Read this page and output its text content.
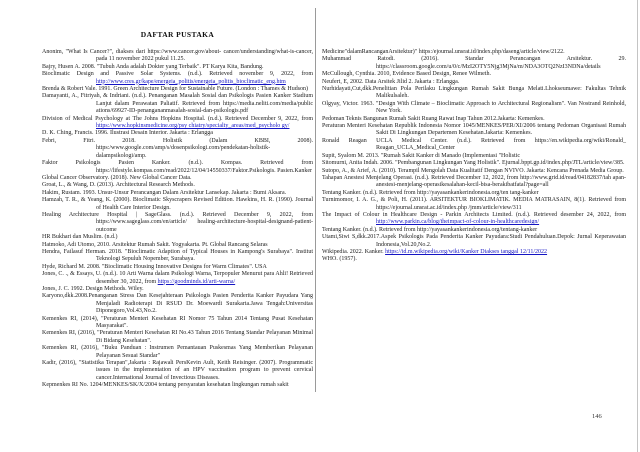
DAFTAR PUSTAKA

Anonim, "What Is Cancer?", diakses dari https://www.cancer.gov/about- cancer/understanding/what-is-cancer, pada 11 november 2022 pukul 11.25.

Bajry, Husen A. 2008. "Tubuh Anda adalah Dokter yang Terbaik". PT Karya Kita, Bandung.

Bioclimatic Design and Passive Solar Systems. (n.d.). Retrieved november 9, 2022, from http://www.cres.gr/kape/energeia_politis/energeia_politis_bioclimatic_eng.htm

Brenda & Robert Vale. 1991. Green Architecture Design for Sustainable Future. (London : Thames & Hudson)

Damayanti, A., Fitriyah, & Indriani. (n.d.). Penanganan Masalah Sosial dan Psikologis Pasien Kanker Stadium Lanjut dalam Perawatan Paliatif. Retrieved from https://media.neliti.com/media/public ations/69927-ID-penangananmasalah-sosial-dan-psikologis.pdf

Division of Medical Psychology at The Johns Hopkins Hospital. (n.d.). Retrieved December 9, 2022, from https://www.hopkinsmedicine.org/psy chiatry/specialty_areas/med_psycholo gy/

D. K. Ching, Francis. 1996. Ilustrasi Desain Interior. Jakarta : Erlangga

Febri, Fitri. 2018. Holistik (Dalam KBBI, 2008). https:/www.google.com/amp/s/dosenpsikologi.com/pendekatan-holistik-dalampsikologi/amp.

Faktor Psikologis Pasien Kanker. (n.d.). Kompas. Retrieved from https://lifestyle.kompas.com/read/2022/12/04/14550337/Faktor.Psikologis. Pasien.Kanker

Global Cancer Observatory. (2018). New Global Cancer Data.

Groat, L., & Wang, D. (2013). Architectural Research Methods.

Hakim, Rustam. 1993. Unsur-Unsur Perancangan Dalam Arsitektur Lansekap. Jakarta : Bumi Aksara.

Hamzah, T. R., & Yeang, K. (2000). Bioclimatic Skyscrapers Revised Edition. Hawkins, H. R. (1990). Journal of Health Care Interior Design.

Healing Architecture Hospital | SageGlass. (n.d.). Retrieved December 9, 2022, from https://www.sageglass.com/en/article/ healing-architecture-hospital-designand-patient-outcome

HR Bukhari dan Muslim. (n.d.)

Hatmoko, Adi Utomo, 2010. Arsitektur Rumah Sakit. Yogyakarta. Pt. Global Rancang Selaras

Hendra, Failasuf Herman. 2018. "Bioclimatic Adaption of Typical Houses in Kampong's Surabaya". Institut Teknologi Sepuluh Nopember, Surabaya.

Hyde, Richard M. 2008. "Bioclimatic Housing Innovative Designs for Warm Climates". USA

Jones, C. ., & Essays, U. (n.d.). 10 Arti Warna dalam Psikologi Warna, Terpopuler Menurut para Ahli! Retrieved desember 30, 2022, from https://goodminds.id/arti-warna/

Jones, J. C. 1992. Design Methods. Wiley.

Karyono,dkk.2008.Penanganan Stress Dan Kesejahteraan Psikologis Pasien Penderita Kanker Payudara Yang Menjaladi Radioterapi Di RSUD Dr. Moewardi Surakarta.Jawa Tengah:Universitas Diponegoro,Vol.43,No.2.

Kemenkes RI, (2014), "Peraturan Menteri Kesehatan RI Nomor 75 Tahun 2014 Tentang Pusat Kesehatan Masyarakat".

Kemenkes RI, (2016), "Peraturan Menteri Kesehatan RI No.43 Tahun 2016 Tentang Standar Pelayanan Minimal Di Bidang Kesehatan".

Kemenkes RI, (2016), "Buku Panduan : Instrumen Pemantauan Puskesmas Yang Memberikan Pelayanan Pelayanan Sesuai Standar"

Kadir, (2016), "Statistika Terapan",Jakarta : Rajawali PersKevin Ault, Keith Reisinger. (2007). Programmatic issues in the implementation of an HPV vaccination program to prevent cervical cancer.International Journal of Invectious Diseases.

Kepmenkes RI No. 1204/MENKES/SK/X/2004 tentang persyaratan kesehatan lingkungan rumah sakit

Medicine"dalamRancanganArsitektur)" https:/ejournal.unsrat.id/index.php/daseng/article/view/2122.

Muhammad Ratodi. (2016). Standar Perancangan Arsitektur. 29. https://classroom.google.com/u/0/c/MzI2OTY5Njg3MjNa/m/NDA3OTQ2NzI3NDNa/details

McCullough, Cynthia. 2010, Evidence Based Design, Renee Wilmeth.

Neufert, E, 2002. Data Arsitek Jilid 2. Jakarta : Erlangga.

Nurhidayati,Cut,dkk.Penelitian Pola Perilaku Lingkungan Rumah Sakit Bunga Melati.Lhokseumawe: Fakultas Tehnik Malikulsaleh.

Olgyay, Victor. 1963. "Design With Climate – Bioclimatic Approach to Architectural Regionalism". Van Nostrand Reinhold, New York.

Pedoman Teknis Bangunan Rumah Sakit Ruang Rawat Inap Tahun 2012.Jakarta: Kemenkes.

Peraturan Menteri Kesehatan Republik Indonesia Nomor 1045/MENKES/PER/XI/2006 tentang Pedoman Organisasi Rumah Sakit Di Lingkungan Departemen Kesehatan.Jakarta: Kemenkes.

Ronald Reagan UCLA Medical Center. (n.d.). Retrieved from https://en.wikipedia.org/wiki/Ronald_ Reagan_UCLA_Medical_Center

Supit, Syalom M. 2013. "Rumah Sakit Kanker di Manado (Implementasi "Holistic

Sitomurni, Anita Indah. 2006. "Pembangunan Lingkungan Yang Holistik". Ejurnal.bppt.gp.id/index.php/JTL/article/view/385.

Sutopo, A., & Arief, A. (2010). Terampil Mengolah Data Kualitatif Dengan NVIVO. Jakarta: Kencana Prenada Media Group.

Tahapan Anestesi Menjelang Operasi. (n.d.). Retrieved December 12, 2022, from http://www.grid.id/read/04182837/tah apan-anestesi-menjelang-operasikesalahan-kecil-bisa-berakibatfatal?page=all

Tentang Kanker. (n.d.). Retrieved from http://yayasankankerindonesia.org/ten tang-kanker

Turnimomor, I. A. G., & Poli, H. (2011). ARSITEKTUR BIOKLIMATIK. MEDIA MATRASAIN, 8(1). Retrieved from https://ejournal.unsrat.ac.id/index.php /jmm/article/view/311

The Impact of Colour in Healthcare Design - Parkin Architects Limited. (n.d.). Retrieved desember 24, 2022, from http://www.parkin.ca/blog/theimpact-of-colour-in-healthcaredesign/

Tentang Kanker. (n.d.). Retrieved from http://yayasankankerindonesia.org/tentang-kanker

Utami,Siwi S,dkk.2017.Aspek Psikologis Pada Penderita Kanker Payudara:Studi Pendahuluan.Depok: Jurnal Keperawatan Indonesia,Vol.20,No.2.

Wikipedia. 2022. Kanker. https://id.m.wikipedia.org/wiki/Kanker Diakses tanggal 12/11/2022

WHO. (1957).

146
